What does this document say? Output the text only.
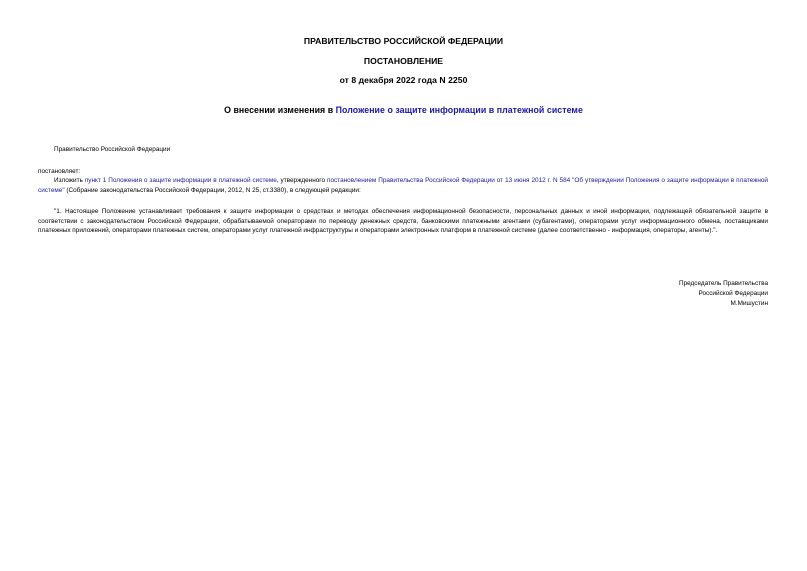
ПРАВИТЕЛЬСТВО РОССИЙСКОЙ ФЕДЕРАЦИИ
ПОСТАНОВЛЕНИЕ
от 8 декабря 2022 года N 2250
О внесении изменения в Положение о защите информации в платежной системе
Правительство Российской Федерации
постановляет:
Изложить пункт 1 Положения о защите информации в платежной системе, утвержденного постановлением Правительства Российской Федерации от 13 июня 2012 г. N 584 "Об утверждении Положения о защите информации в платежной системе" (Собрание законодательства Российской Федерации, 2012, N 25, ст.3380), в следующей редакции:
"1. Настоящее Положение устанавливает требования к защите информации о средствах и методах обеспечения информационной безопасности, персональных данных и иной информации, подлежащей обязательной защите в соответствии с законодательством Российской Федерации, обрабатываемой операторами по переводу денежных средств, банковскими платежными агентами (субагентами), операторами услуг информационного обмена, поставщиками платежных приложений, операторами платежных систем, операторами услуг платежной инфраструктуры и операторами электронных платформ в платежной системе (далее соответственно - информация, операторы, агенты).".
Председатель Правительства
Российской Федерации
М.Мишустин
